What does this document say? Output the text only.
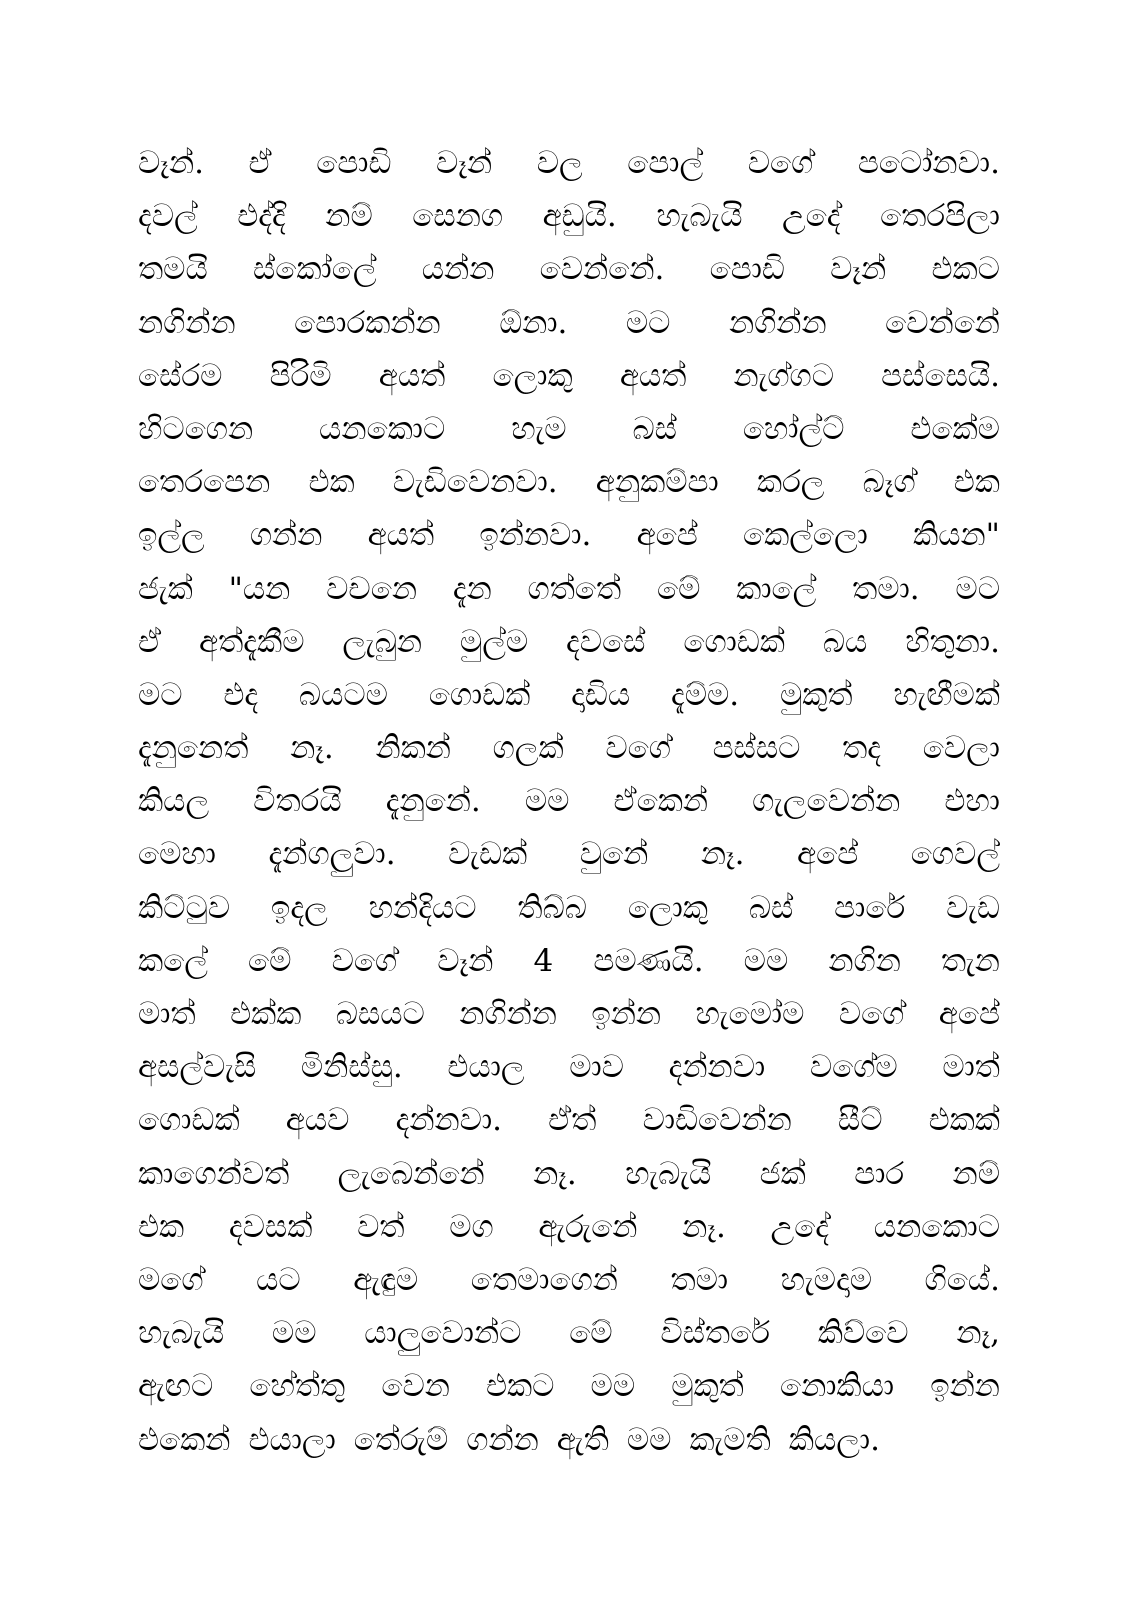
වෑන්. ඒ පොඩි වෑන් වල පොල් වගේ පටෝනවා.
දවල් එද්දි නම් සෙනග අඩුයි. හැබැයි උදේ තෙරපිලා
තමයි ස්කෝලේ යන්න වෙන්නේ. පොඩි වෑන් එකට
නගින්න පොරකන්න ඕනා. මට නගින්න වෙන්නේ
සේරම පිරිමි අයත් ලොකු අයත් නැග්ගට පස්සෙයි.
හිටගෙන යනකොට හැම බස් හෝල්ට් එකේම
තෙරපෙන එක වැඩිවෙනවා. අනුකම්පා කරල බෑග් එක
ඉල්ල ගන්න අයත් ඉන්නවා. අපේ කෙල්ලො කියන"
ජැක් "යන වචනෙ දැන ගත්තේ මේ කාලේ තමා. මට
ඒ අත්දැකීම ලැබුන මුල්ම දවසේ ගොඩක් බය හිතුනා.
මට එද බයටම ගොඩක් දාඩිය දැම්ම. මුකුත් හැඟීමක්
දැනුනෙත් නෑ. නිකන් ගලක් වගේ පස්සට තද වෙලා
කියල විතරයි දැනුනේ. මම ඒකෙන් ගැලවෙන්න එහා
මෙහා දැන්ගලුවා. වැඩක් වුනේ නෑ. අපේ ගෙවල්
කිට්ටුව ඉදල හන්දියට තිබ්බ ලොකු බස් පාරේ වැඩ
කලේ මේ වගේ වෑන් 4 පමණයි. මම නගින තැන
මාත් එක්ක බසයට නගින්න ඉන්න හැමෝම වගේ අපේ
අසල්වැසි මිනිස්සු. එයාල මාව දන්නවා වගේම මාත්
ගොඩක් අයව දන්නවා. ඒත් වාඩිවෙන්න සීට් එකක්
කාගෙන්වත් ලැබෙන්නේ නෑ. හැබැයි ජක් පාර නම්
එක දවසක් වත් මග ඇරුනේ නෑ. උදේ යනකොට
මගේ යට ඇඳුම තෙමාගෙන් තමා හැමදාම ගියේ.
හැබැයි මම යාලුවොන්ට මේ විස්තරේ කිව්වෙ නෑ,
ඇඟට හේත්තු වෙන එකට මම මුකුත් නොකියා ඉන්න
එකෙන් එයාලා තේරුම් ගන්න ඇති මම කැමති කියලා.
